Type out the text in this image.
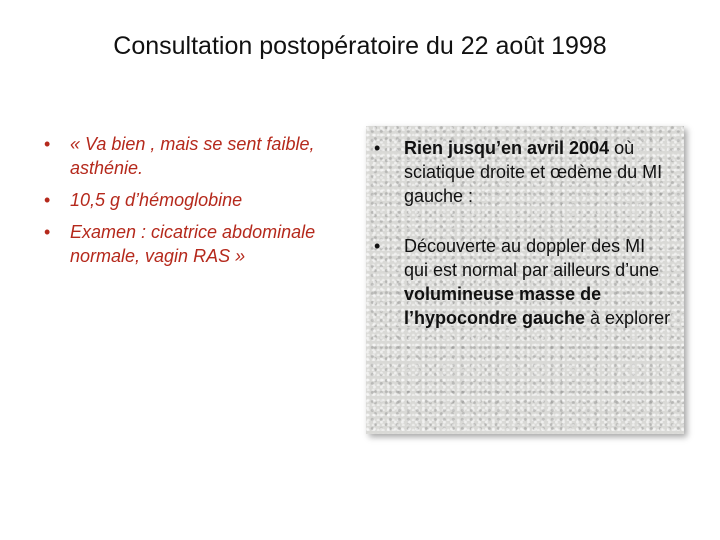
Consultation postopératoire du 22 août 1998
• « Va bien , mais se sent faible, asthénie.
• 10,5 g d’hémoglobine
• Examen : cicatrice abdominale normale, vagin RAS »
• Rien jusqu’en avril 2004 où sciatique droite et œdème du MI gauche :
• Découverte au doppler des MI qui est normal par ailleurs d’une volumineuse masse de l’hypocondre gauche à explorer
